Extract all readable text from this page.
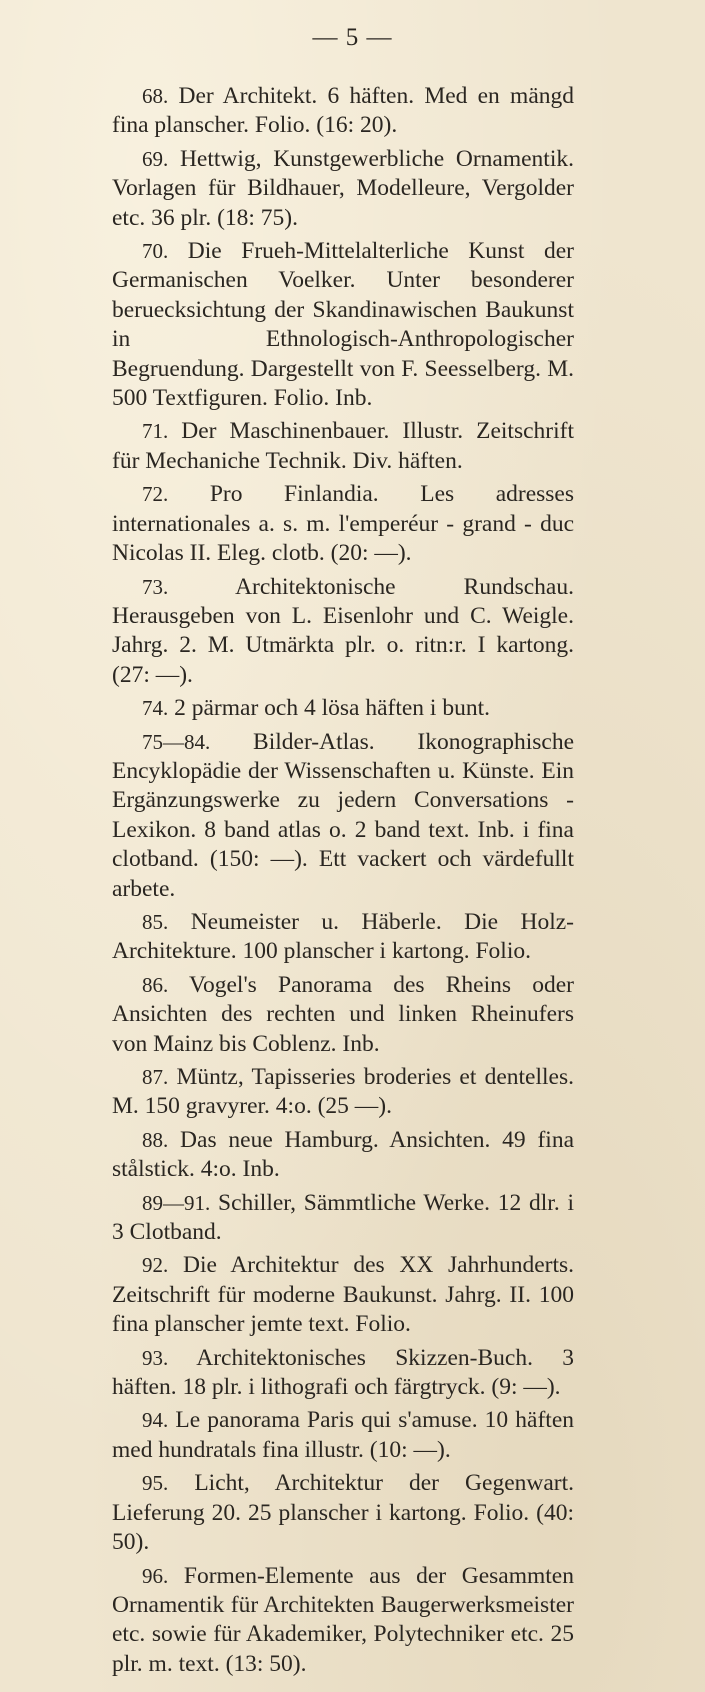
— 5 —

68. Der Architekt. 6 häften. Med en mängd fina planscher. Folio. (16: 20).

69. Hettwig, Kunstgewerbliche Ornamentik. Vorlagen für Bildhauer, Modelleure, Vergolder etc. 36 plr. (18: 75).

70. Die Frueh-Mittelalterliche Kunst der Germanischen Voelker. Unter besonderer beruecksichtung der Skandinawischen Baukunst in Ethnologisch-Anthropologischer Begruendung. Dargestellt von F. Seesselberg. M. 500 Textfiguren. Folio. Inb.

71. Der Maschinenbauer. Illustr. Zeitschrift für Mechaniche Technik. Div. häften.

72. Pro Finlandia. Les adresses internationales a. s. m. l'emperéur - grand - duc Nicolas II. Eleg. clotb. (20: —).

73.	Architektonische Rundschau. Herausgeben von L. Eisenlohr und C. Weigle. Jahrg. 2. M. Utmärkta plr. o. ritn:r. I kartong. (27: —).

74. 2 pärmar och 4 lösa häften i bunt.

75—84. Bilder-Atlas. Ikonographische Encyklopädie der Wissenschaften u. Künste. Ein Ergänzungswerke zu jedern Conversations - Lexikon. 8 band atlas o. 2 band text. Inb. i fina clotband. (150: —). Ett vackert och värdefullt arbete.

85. Neumeister u. Häberle. Die Holz-Architekture. 100 planscher i kartong. Folio.

86. Vogel's Panorama des Rheins oder Ansichten des rechten und linken Rheinufers von Mainz bis Coblenz. Inb.

87. Müntz, Tapisseries broderies et dentelles. M. 150 gravyrer. 4:o. (25 —).

88. Das neue Hamburg. Ansichten. 49 fina stålstick. 4:o. Inb.

89—91. Schiller, Sämmtliche Werke. 12 dlr. i 3 Clotband.

92. Die Architektur des XX Jahrhunderts. Zeitschrift für moderne Baukunst. Jahrg. II. 100 fina planscher jemte text. Folio.

93. Architektonisches Skizzen-Buch. 3 häften. 18 plr. i lithografi och färgtryck. (9: —).

94. Le panorama Paris qui s'amuse. 10 häften med hundratals fina illustr. (10: —).

95. Licht, Architektur der Gegenwart. Lieferung 20. 25 planscher i kartong. Folio. (40: 50).

96. Formen-Elemente aus der Gesammten Ornamentik für Architekten Baugerwerksmeister etc. sowie für Akademiker, Polytechniker etc. 25 plr. m. text. (13: 50).
